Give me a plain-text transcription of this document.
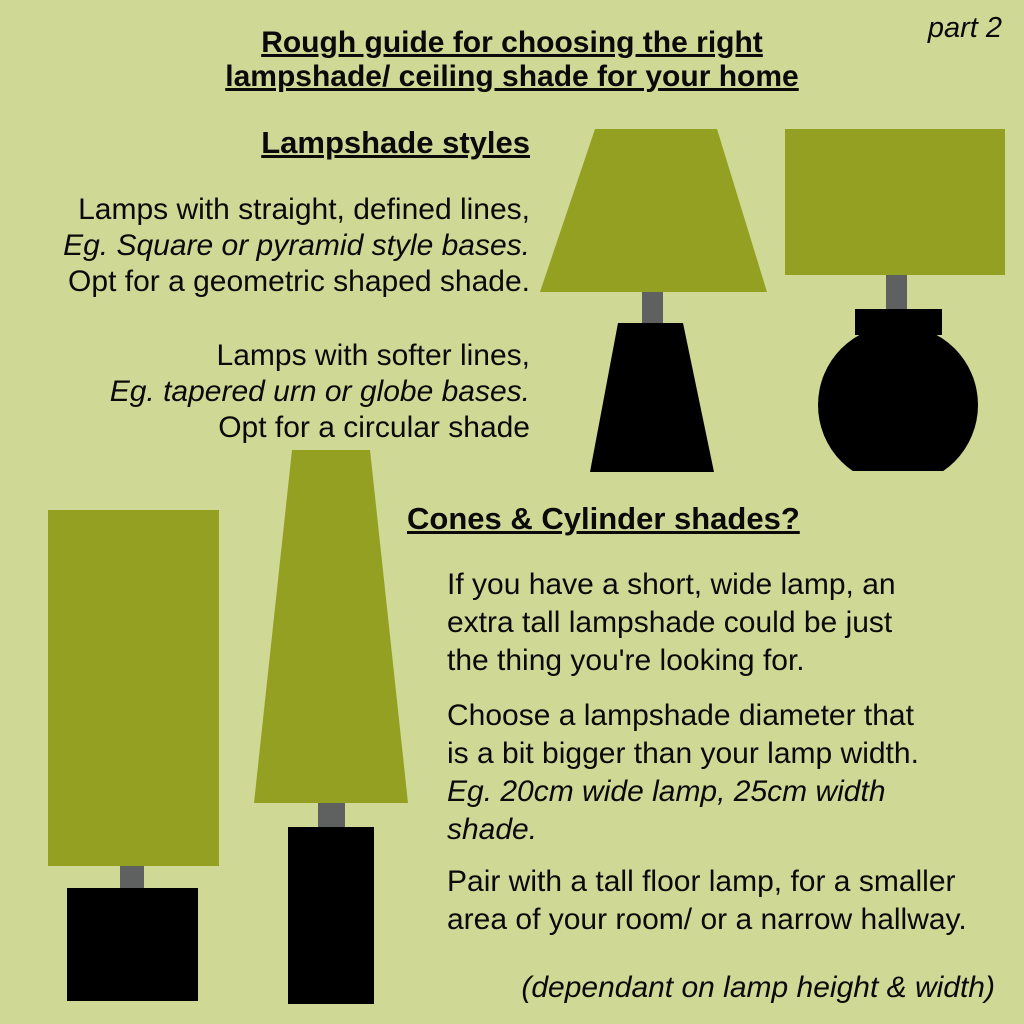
part 2
Rough guide for choosing the right
lampshade/ ceiling shade for your home
Lampshade styles
Lamps with straight, defined lines,
Eg. Square or pyramid style bases.
Opt for a geometric shaped shade.
Lamps with softer lines,
Eg. tapered urn or globe bases.
Opt for a circular shade
Cones & Cylinder shades?
If you have a short, wide lamp, an
extra tall lampshade could be just
the thing you're looking for.
Choose a lampshade diameter that
is a bit bigger than your lamp width.
Eg. 20cm wide lamp, 25cm width
shade.
Pair with a tall floor lamp, for a smaller
area of your room/ or a narrow hallway.
(dependant on lamp height & width)
